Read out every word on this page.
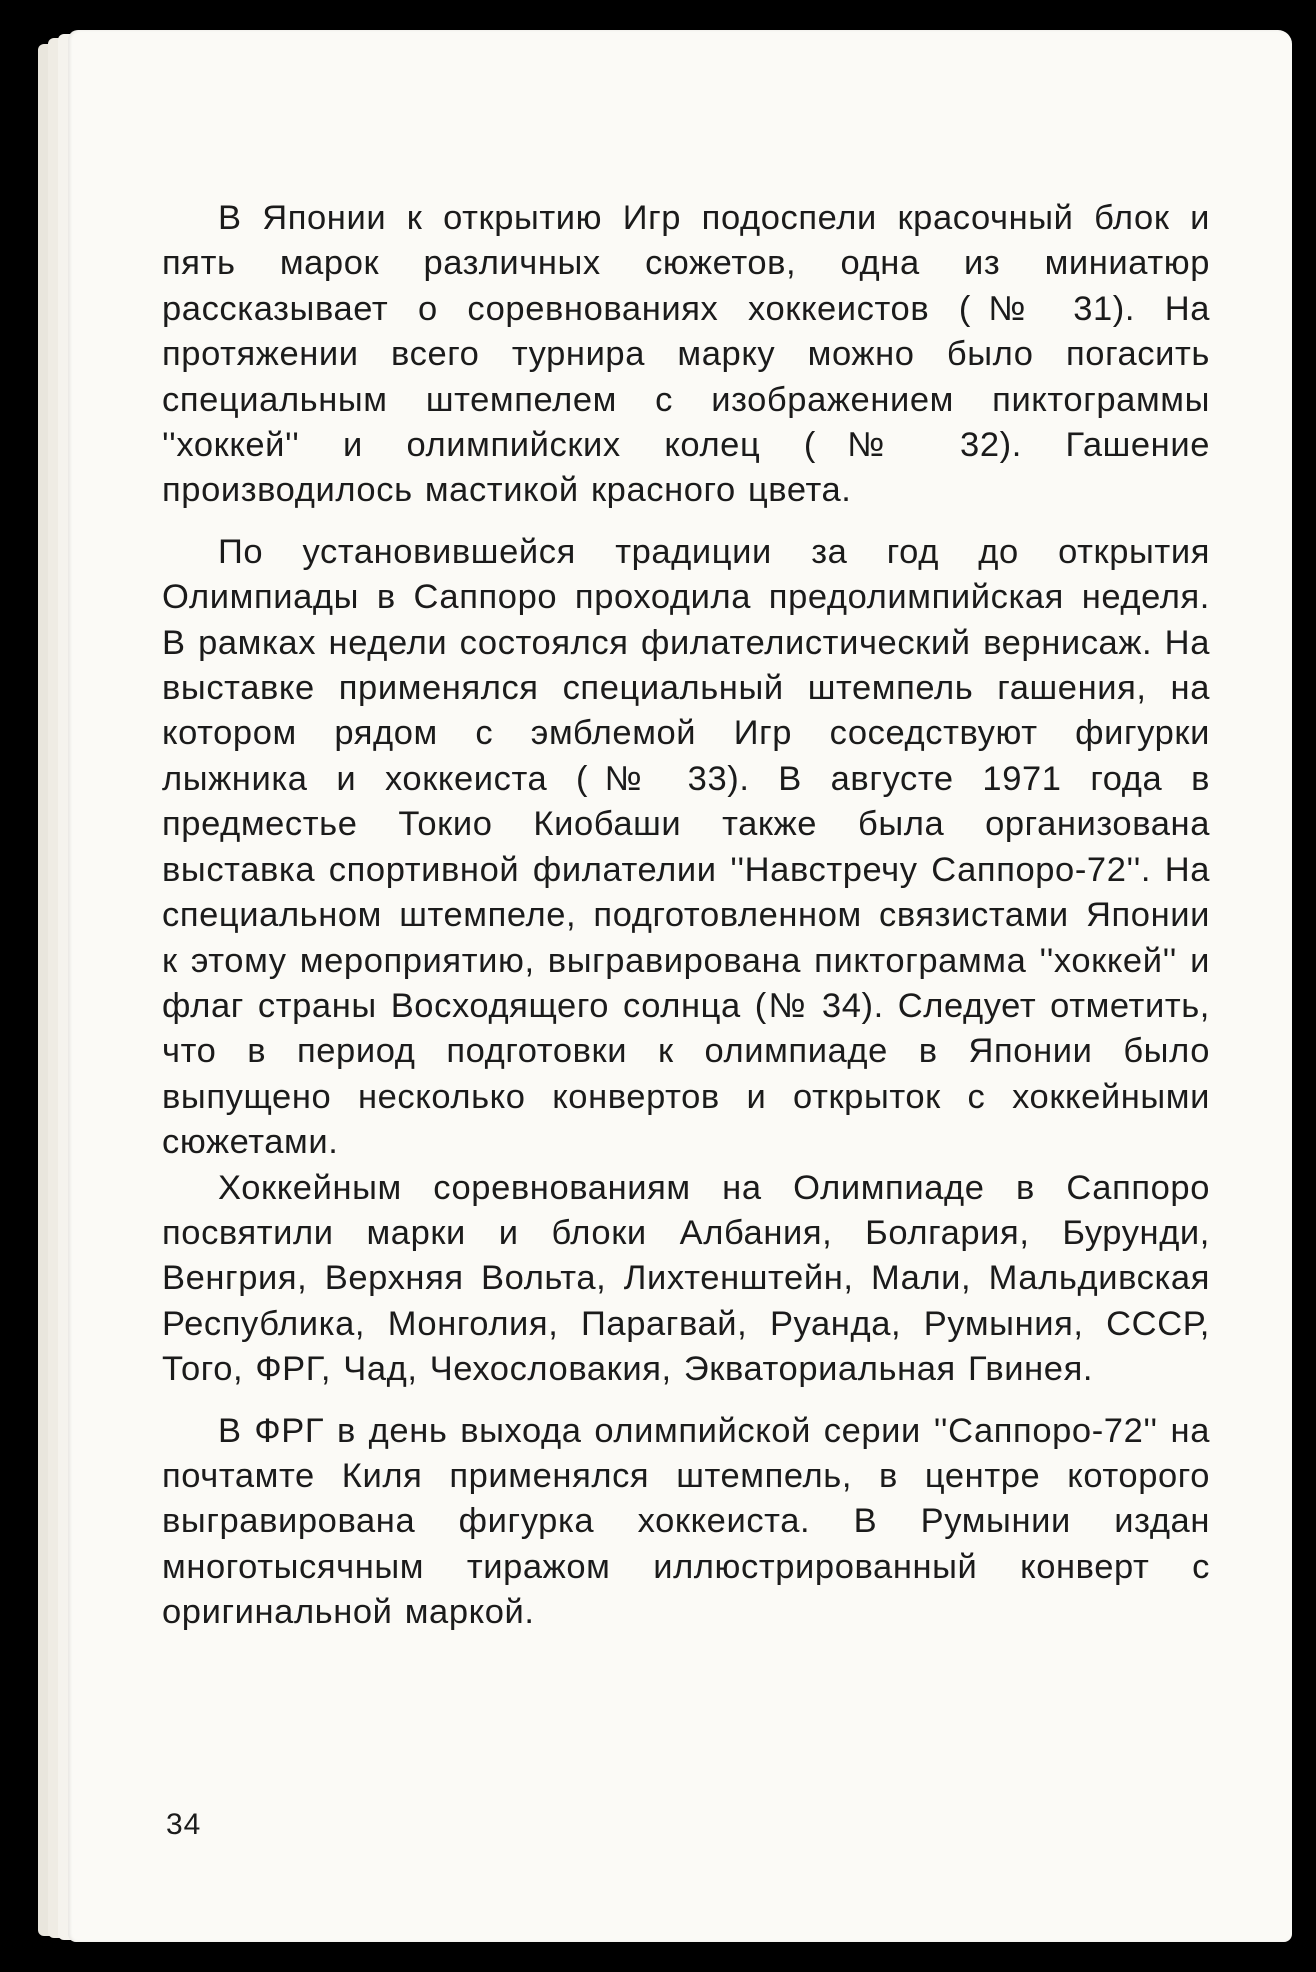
В Японии к открытию Игр подоспели красочный блок и пять марок различных сюжетов, одна из миниатюр рассказывает о соревнованиях хоккеистов (№ 31). На протяжении всего турнира марку можно было погасить специальным штемпелем с изображением пиктограммы ''хоккей'' и олимпийских колец (№ 32). Гашение производилось мастикой красного цвета.

По установившейся традиции за год до открытия Олимпиады в Саппоро проходила предолимпийская неделя. В рамках недели состоялся филателистический вернисаж. На выставке применялся специальный штемпель гашения, на котором рядом с эмблемой Игр соседствуют фигурки лыжника и хоккеиста (№ 33). В августе 1971 года в предместье Токио Киобаши также была организована выставка спортивной филателии ''Навстречу Саппоро-72''. На специальном штемпеле, подготовленном связистами Японии к этому мероприятию, выгравирована пиктограмма ''хоккей'' и флаг страны Восходящего солнца (№ 34). Следует отметить, что в период подготовки к олимпиаде в Японии было выпущено несколько конвертов и открыток с хоккейными сюжетами.

Хоккейным соревнованиям на Олимпиаде в Саппоро посвятили марки и блоки Албания, Болгария, Бурунди, Венгрия, Верхняя Вольта, Лихтенштейн, Мали, Мальдивская Республика, Монголия, Парагвай, Руанда, Румыния, СССР, Того, ФРГ, Чад, Чехословакия, Экваториальная Гвинея.

В ФРГ в день выхода олимпийской серии ''Саппоро-72'' на почтамте Киля применялся штемпель, в центре которого выгравирована фигурка хоккеиста. В Румынии издан многотысячным тиражом иллюстрированный конверт с оригинальной маркой.

34
